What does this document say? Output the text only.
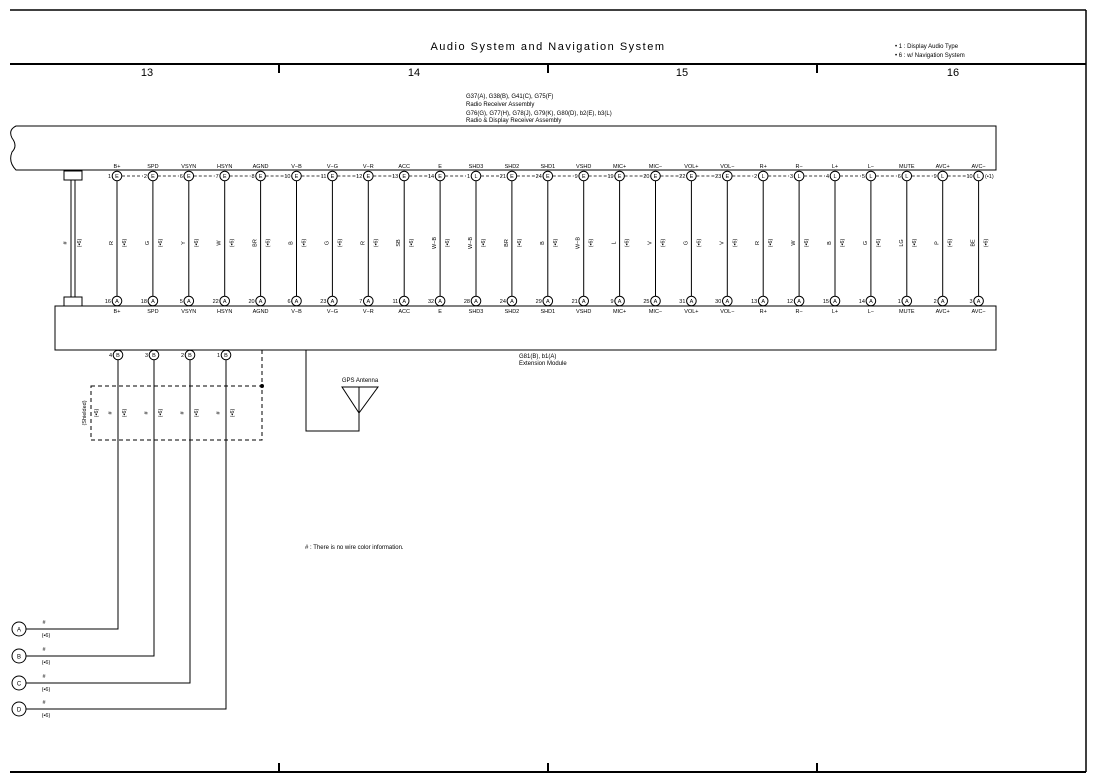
Audio System and Navigation System	• 1 : Display Audio Type
• 6 : w/ Navigation System
13	14	15	16
G37(A), G38(B), G41(C), G75(F)
Radio Receiver Assembly
G76(G), G77(H), G78(J), G79(K), G80(D), b2(E), b3(L)
Radio & Display Receiver Assembly
G81(B), b1(A)
Extension Module
# (•6)
B+
1 E
R (•6)
16 A
B+
SPD
2 E
G (•6)
18 A
SPD
VSYN
6 E
Y (•6)
5 A
VSYN
HSYN
7 E
W (•6)
22 A
HSYN
AGND
8 E
BR (•6)
20 A
AGND
V−B
10 E
B (•6)
6 A
V−B
V−G
11 E
G (•6)
23 A
V−G
V−R
12 E
R (•6)
7 A
V−R
ACC
13 E
SB (•6)
11 A
ACC
E
14 E
W−B (•6)
32 A
E
SHD3
1 L
W−B (•6)
28 A
SHD3
SHD2
21 E
BR (•6)
24 A
SHD2
SHD1
24 E
B (•6)
29 A
SHD1
VSHD
9 E
W−B (•6)
21 A
VSHD
MIC+
19 E
L (•6)
9 A
MIC+
MIC−
20 E
V (•6)
25 A
MIC−
VOL+
22 E
G (•6)
31 A
VOL+
VOL−
23 E
V (•6)
30 A
VOL−
R+
2 L
R (•6)
13 A
R+
R−
3 L
W (•6)
12 A
R−
L+
4 L
B (•6)
15 A
L+
L−
5 L
G (•6)
14 A
L−
MUTE
6 L
LG (•6)
1 A
MUTE
AVC+
9 L
P (•6)
2 A
AVC+
AVC−
10 L
BE (•6)
3 A
AVC−
(•1)
4 B
# (•6)
3 B
# (•6)
2 B
# (•6)
1 B
# (•6)
(Shielded) (•6)
GPS Antenna
# : There is no wire color information.
A
#
(•6)
B
#
(•6)
C
#
(•6)
D
#
(•6)
